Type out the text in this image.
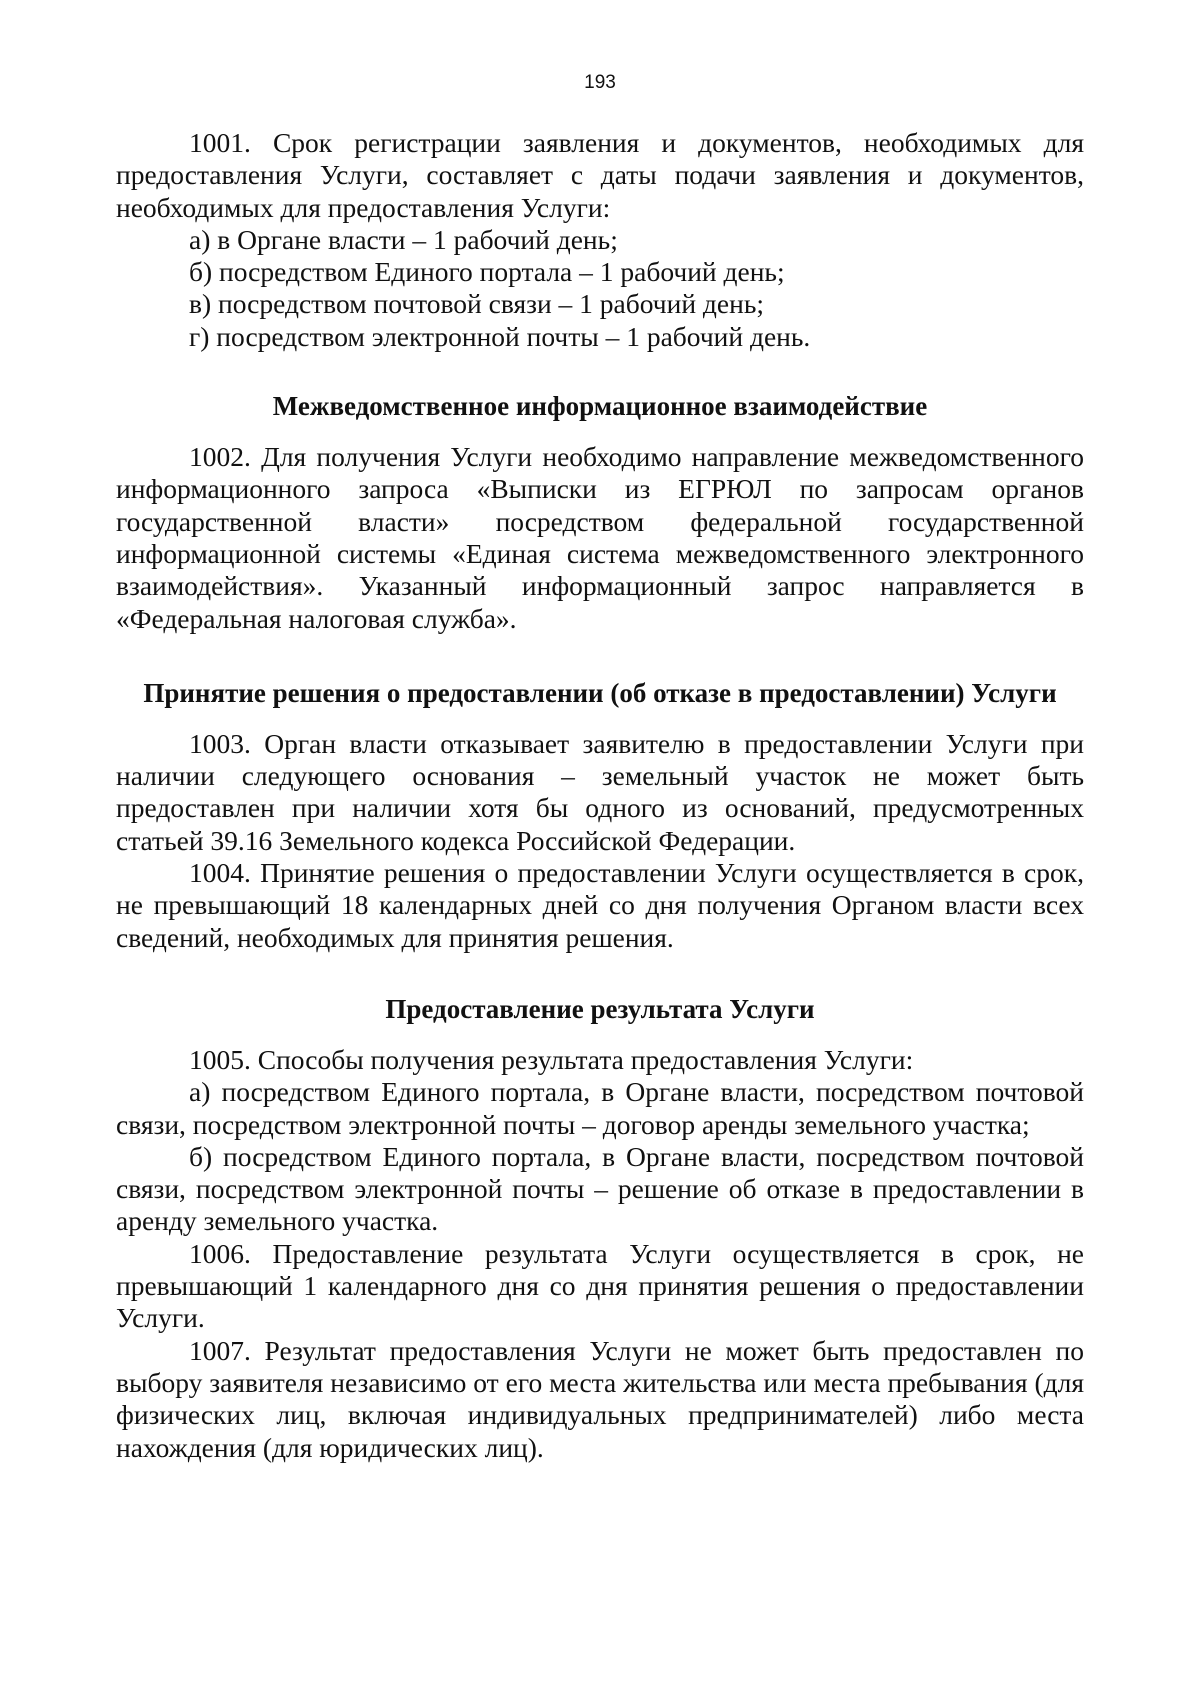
193

1001. Срок регистрации заявления и документов, необходимых для предоставления Услуги, составляет с даты подачи заявления и документов, необходимых для предоставления Услуги:

а) в Органе власти – 1 рабочий день;

б) посредством Единого портала – 1 рабочий день;

в) посредством почтовой связи – 1 рабочий день;

г) посредством электронной почты – 1 рабочий день.

Межведомственное информационное взаимодействие

1002. Для получения Услуги необходимо направление межведомственного информационного запроса «Выписки из ЕГРЮЛ по запросам органов государственной власти» посредством федеральной государственной информационной системы «Единая система межведомственного электронного взаимодействия». Указанный информационный запрос направляется в «Федеральная налоговая служба».

Принятие решения о предоставлении (об отказе в предоставлении) Услуги

1003. Орган власти отказывает заявителю в предоставлении Услуги при наличии следующего основания – земельный участок не может быть предоставлен при наличии хотя бы одного из оснований, предусмотренных статьей 39.16 Земельного кодекса Российской Федерации.

1004. Принятие решения о предоставлении Услуги осуществляется в срок, не превышающий 18 календарных дней со дня получения Органом власти всех сведений, необходимых для принятия решения.

Предоставление результата Услуги

1005. Способы получения результата предоставления Услуги:

а) посредством Единого портала, в Органе власти, посредством почтовой связи, посредством электронной почты – договор аренды земельного участка;

б) посредством Единого портала, в Органе власти, посредством почтовой связи, посредством электронной почты – решение об отказе в предоставлении в аренду земельного участка.

1006. Предоставление результата Услуги осуществляется в срок, не превышающий 1 календарного дня со дня принятия решения о предоставлении Услуги.

1007. Результат предоставления Услуги не может быть предоставлен по выбору заявителя независимо от его места жительства или места пребывания (для физических лиц, включая индивидуальных предпринимателей) либо места нахождения (для юридических лиц).
